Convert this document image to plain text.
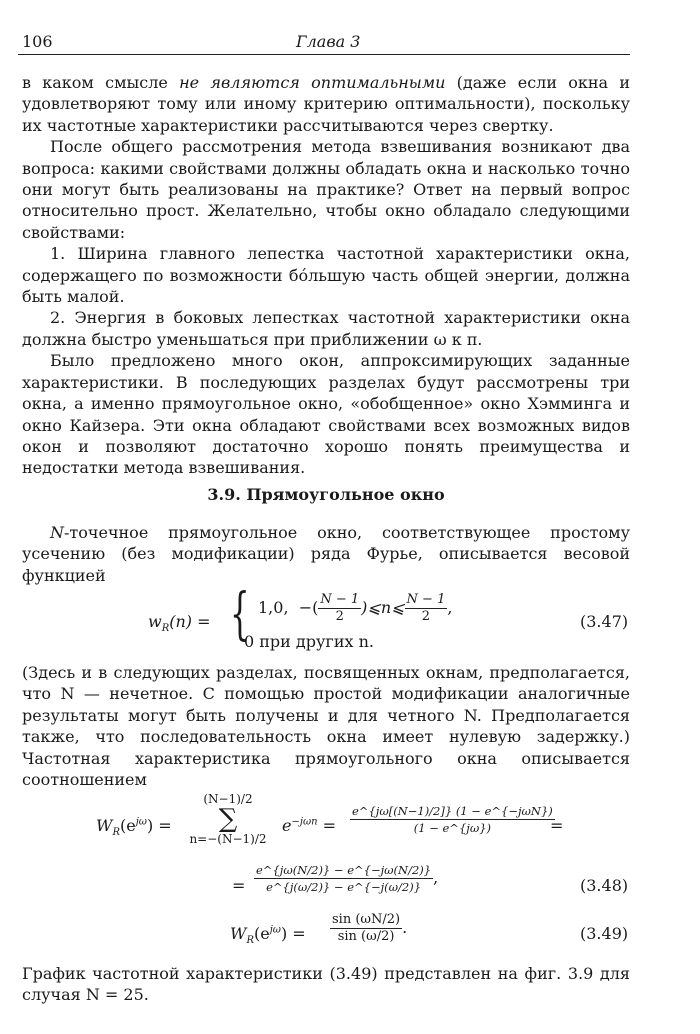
106	Глава 3

в каком смысле не являются оптимальными (даже если окна и удовлетворяют тому или иному критерию оптимальности), поскольку их частотные характеристики рассчитываются через свертку.

После общего рассмотрения метода взвешивания возникают два вопроса: какими свойствами должны обладать окна и насколько точно они могут быть реализованы на практике? Ответ на первый вопрос относительно прост. Желательно, чтобы окно обладало следующими свойствами:

1. Ширина главного лепестка частотной характеристики окна, содержащего по возможности бóльшую часть общей энергии, должна быть малой.

2. Энергия в боковых лепестках частотной характеристики окна должна быстро уменьшаться при приближении ω к π.

Было предложено много окон, аппроксимирующих заданные характеристики. В последующих разделах будут рассмотрены три окна, а именно прямоугольное окно, «обобщенное» окно Хэмминга и окно Кайзера. Эти окна обладают свойствами всех возможных видов окон и позволяют достаточно хорошо понять преимущества и недостатки метода взвешивания.

3.9. Прямоугольное окно

N-точечное прямоугольное окно, соответствующее простому усечению (без модификации) ряда Фурье, описывается весовой функцией

$w_R(n)$ = { 1,0, −( $\frac{N - 1}{2}$ )⩽n⩽ $\frac{N - 1}{2}$ ,
0 при других n.
(3.47)

(Здесь и в следующих разделах, посвященных окнам, предполагается, что N — нечетное. С помощью простой модификации аналогичные результаты могут быть получены и для четного N. Предполагается также, что последовательность окна имеет нулевую задержку.) Частотная характеристика прямоугольного окна описывается соотношением

$W_R(e^{j\omega})$ =
(N−1)/2
∑
n=−(N−1)/2
$e^{-j\omega n} = \frac{\text{e\textasciicircum{}\{jω[(N−1)/2]\} (1 − e\textasciicircum{}\{−jωN\})}}{(1 - e\^{}\{j\omega\})}$
=
= $\frac{e\^{}\{j\omega(N/2)\} - e\^{}\{-j\omega(N/2)\}}{e\^{}\{j(\omega/2)\} - e\^{}\{-j(\omega/2)\}}$ ,	(3.48)
$W_R(e^{j\omega}) = \frac{\sin (\omega N/2)}{\sin (\omega/2)}$ .	(3.49)

График частотной характеристики (3.49) представлен на фиг. 3.9 для случая N = 25.
